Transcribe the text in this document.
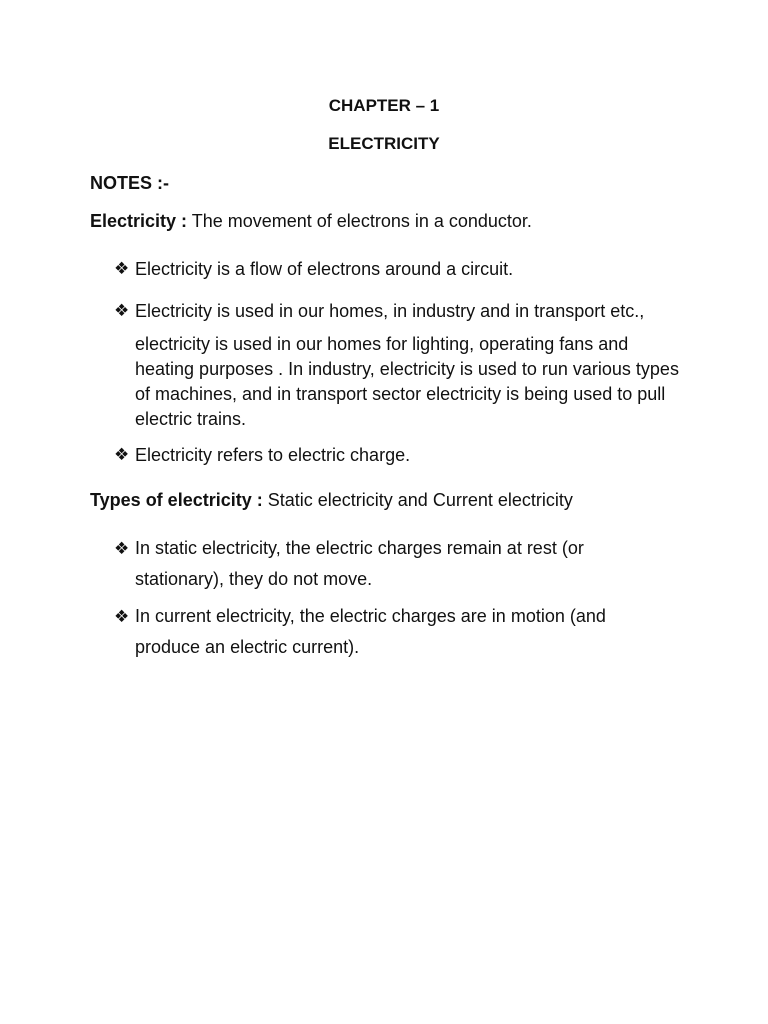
CHAPTER – 1
ELECTRICITY
NOTES :-
Electricity : The movement of electrons in a conductor.
❖ Electricity is a flow of electrons around a circuit.
❖ Electricity is used in our homes, in industry and in transport etc.,
electricity is used in our homes for lighting, operating fans and heating purposes . In industry, electricity is used to run various types of machines, and in transport sector electricity is being used to pull electric trains.
❖ Electricity refers to electric charge.
Types of electricity : Static electricity and Current electricity
❖ In static electricity, the electric charges remain at rest (or stationary), they do not move.
❖ In current electricity, the electric charges are in motion (and produce an electric current).
